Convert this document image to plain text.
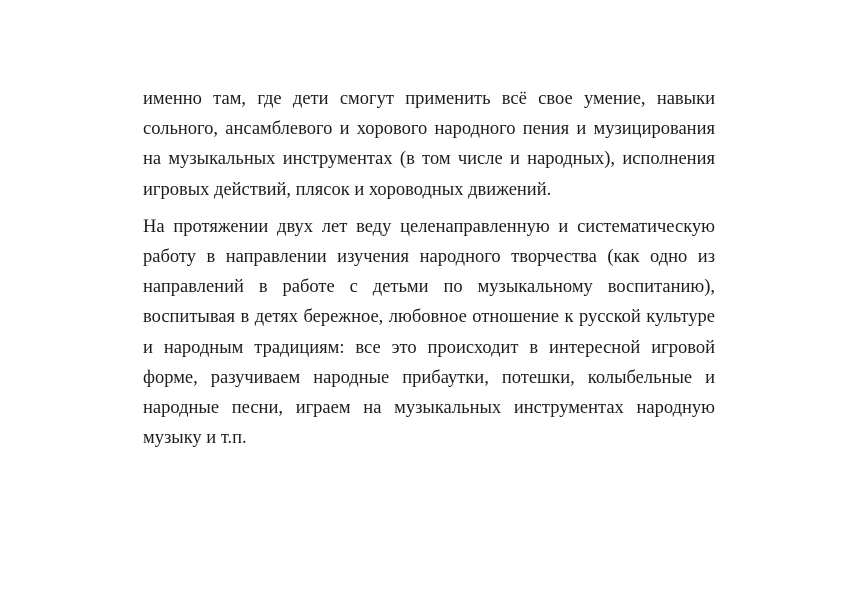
именно там, где дети смогут применить всё свое умение, навыки сольного, ансамблевого и хорового народного пения и музицирования на музыкальных инструментах (в том числе и народных), исполнения игровых действий, плясок и хороводных движений.

На протяжении двух лет веду целенаправленную и систематическую работу в направлении изучения народного творчества (как одно из направлений в работе с детьми по музыкальному воспитанию), воспитывая в детях бережное, любовное отношение к русской культуре и народным традициям: все это происходит в интересной игровой форме, разучиваем народные прибаутки, потешки, колыбельные и народные песни, играем на музыкальных инструментах народную музыку и т.п.
